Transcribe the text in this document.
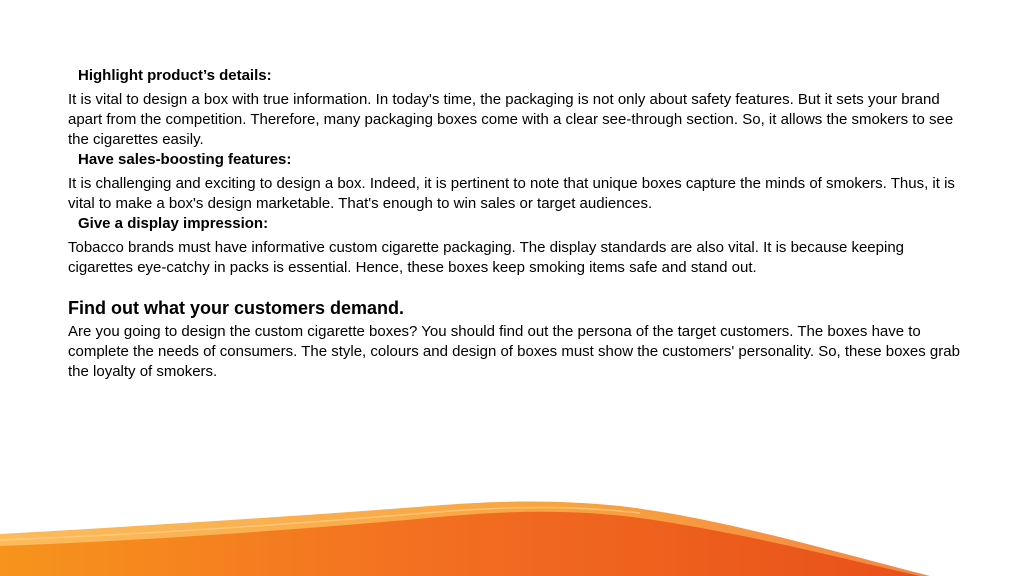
Highlight product’s details:

It is vital to design a box with true information. In today's time, the packaging is not only about safety features. But it sets your brand apart from the competition. Therefore, many packaging boxes come with a clear see-through section. So, it allows the smokers to see the cigarettes easily.

Have sales-boosting features:

It is challenging and exciting to design a box. Indeed, it is pertinent to note that unique boxes capture the minds of smokers. Thus, it is vital to make a box's design marketable. That's enough to win sales or target audiences.

Give a display impression:

Tobacco brands must have informative custom cigarette packaging. The display standards are also vital. It is because keeping cigarettes eye-catchy in packs is essential. Hence, these boxes keep smoking items safe and stand out.

Find out what your customers demand.

Are you going to design the custom cigarette boxes? You should find out the persona of the target customers. The boxes have to complete the needs of consumers. The style, colours and design of boxes must show the customers' personality. So, these boxes grab the loyalty of smokers.
